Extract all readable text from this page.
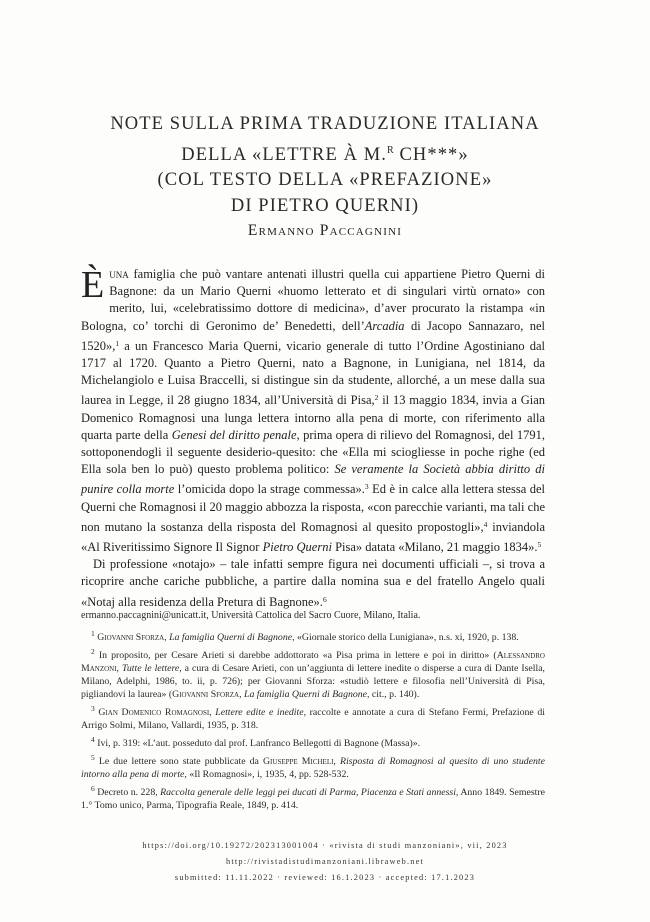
NOTE SULLA PRIMA TRADUZIONE ITALIANA
DELLA «LETTRE À M.$^R$ CH***»
(COL TESTO DELLA «PREFAZIONE»
DI PIETRO QUERNI)
Ermanno Paccagnini

Èuna famiglia che può vantare antenati illustri quella cui appartiene Pietro Querni di Bagnone: da un Mario Querni «huomo letterato et di singulari virtù ornato» con merito, lui, «celebratissimo dottore di medicina», d’aver procurato la ristampa «in Bologna, co’ torchi di Geronimo de’ Benedetti, dell’Arcadia di Jacopo Sannazaro, nel 1520»,$^1$ a un Francesco Maria Querni, vicario generale di tutto l’Ordine Agostiniano dal 1717 al 1720. Quanto a Pietro Querni, nato a Bagnone, in Lunigiana, nel 1814, da Michelangiolo e Luisa Braccelli, si distingue sin da studente, allorché, a un mese dalla sua laurea in Legge, il 28 giugno 1834, all’Università di Pisa,$^2$ il 13 maggio 1834, invia a Gian Domenico Romagnosi una lunga lettera intorno alla pena di morte, con riferimento alla quarta parte della Genesi del diritto penale, prima opera di rilievo del Romagnosi, del 1791, sottoponendogli il seguente desiderio-quesito: che «Ella mi sciogliesse in poche righe (ed Ella sola ben lo può) questo problema politico: Se veramente la Società abbia diritto di punire colla morte l’omicida dopo la strage commessa».$^3$ Ed è in calce alla lettera stessa del Querni che Romagnosi il 20 maggio abbozza la risposta, «con parecchie varianti, ma tali che non mutano la sostanza della risposta del Romagnosi al quesito propostogli»,$^4$ inviandola «Al Riveritissimo Signore Il Signor Pietro Querni Pisa» datata «Milano, 21 maggio 1834».$^5$

Di professione «notajo» – tale infatti sempre figura nei documenti ufficiali –, si trova a ricoprire anche cariche pubbliche, a partire dalla nomina sua e del fratello Angelo quali «Notaj alla residenza della Pretura di Bagnone».$^6$

ermanno.paccagnini@unicatt.it, Università Cattolica del Sacro Cuore, Milano, Italia.

$^1$ Giovanni Sforza, La famiglia Querni di Bagnone, «Giornale storico della Lunigiana», n.s. xi, 1920, p. 138.

$^2$ In proposito, per Cesare Arieti si darebbe addottorato «a Pisa prima in lettere e poi in diritto» (Alessandro Manzoni, Tutte le lettere, a cura di Cesare Arieti, con un’aggiunta di lettere inedite o disperse a cura di Dante Isella, Milano, Adelphi, 1986, to. ii, p. 726); per Giovanni Sforza: «studiò lettere e filosofia nell’Università di Pisa, pigliandovi la laurea» (Giovanni Sforza, La famiglia Querni di Bagnone, cit., p. 140).

$^3$ Gian Domenico Romagnosi, Lettere edite e inedite, raccolte e annotate a cura di Stefano Fermi, Prefazione di Arrigo Solmi, Milano, Vallardi, 1935, p. 318.

$^4$ Ivi, p. 319: «L’aut. posseduto dal prof. Lanfranco Bellegotti di Bagnone (Massa)».

$^5$ Le due lettere sono state pubblicate da Giuseppe Micheli, Risposta di Romagnosi al quesito di uno studente intorno alla pena di morte, «Il Romagnosi», i, 1935, 4, pp. 528-532.

$^6$ Decreto n. 228, Raccolta generale delle leggi pei ducati di Parma, Piacenza e Stati annessi, Anno 1849. Semestre 1.° Tomo unico, Parma, Tipografia Reale, 1849, p. 414.

https://doi.org/10.19272/202313001004 · «rivista di studi manzoniani», vii, 2023
http://rivistadistudimanzoniani.libraweb.net
submitted: 11.11.2022 · reviewed: 16.1.2023 · accepted: 17.1.2023
